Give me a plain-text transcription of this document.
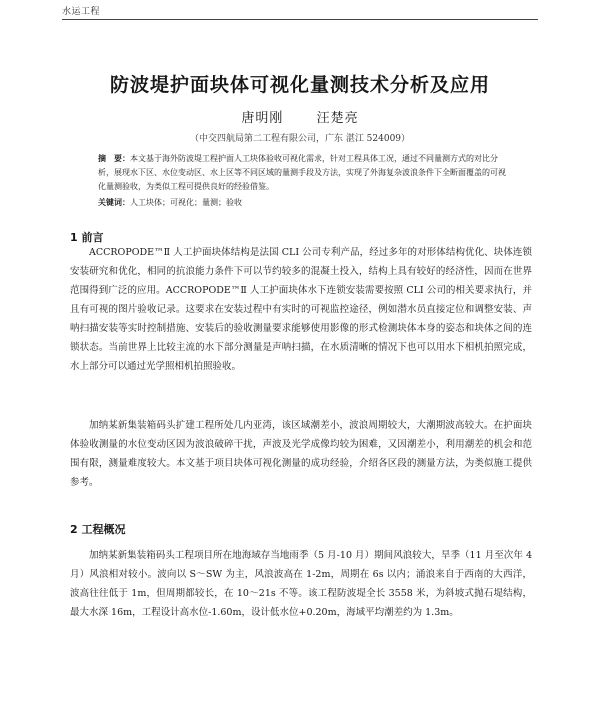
水运工程
防波堤护面块体可视化量测技术分析及应用
唐明刚	汪楚亮
（中交四航局第二工程有限公司，广东 湛江 524009）
摘　要：本文基于海外防波堤工程护面人工块体验收可视化需求，针对工程具体工况，通过不同量测方式的对比分析，展现水下区、水位变动区、水上区等不同区域的量测手段及方法，实现了外海复杂波浪条件下全断面覆盖的可视化量测验收，为类似工程可提供良好的经验借鉴。
关键词：人工块体；可视化；量测；验收
1 前言

ACCROPODE™Ⅱ 人工护面块体结构是法国 CLI 公司专利产品，经过多年的对形体结构优化、块体连锁安装研究和优化，相同的抗浪能力条件下可以节约较多的混凝土投入，结构上具有较好的经济性，因而在世界范围得到广泛的应用。ACCROPODE™Ⅱ 人工护面块体水下连锁安装需要按照 CLI 公司的相关要求执行，并且有可视的图片验收记录。这要求在安装过程中有实时的可视监控途径，例如潜水员直接定位和调整安装、声呐扫描安装等实时控制措施、安装后的验收测量要求能够使用影像的形式检测块体本身的姿态和块体之间的连锁状态。当前世界上比较主流的水下部分测量是声呐扫描，在水质清晰的情况下也可以用水下相机拍照完成，水上部分可以通过光学照相机拍照验收。

加纳某新集装箱码头扩建工程所处几内亚湾，该区域潮差小，波浪周期较大，大潮期波高较大。在护面块体验收测量的水位变动区因为波浪破碎干扰，声波及光学成像均较为困难，又因潮差小，利用潮差的机会和范围有限，测量难度较大。本文基于项目块体可视化测量的成功经验，介绍各区段的测量方法，为类似施工提供参考。

2 工程概况

加纳某新集装箱码头工程项目所在地海域存当地雨季（5 月-10 月）期间风浪较大，旱季（11 月至次年 4 月）风浪相对较小。波向以 S～SW 为主，风浪波高在 1-2m，周期在 6s 以内；涌浪来自于西南的大西洋，波高往往低于 1m，但周期都较长，在 10～21s 不等。该工程防波堤全长 3558 米，为斜坡式抛石堤结构，最大水深 16m，工程设计高水位-1.60m，设计低水位+0.20m，海域平均潮差约为 1.3m。
